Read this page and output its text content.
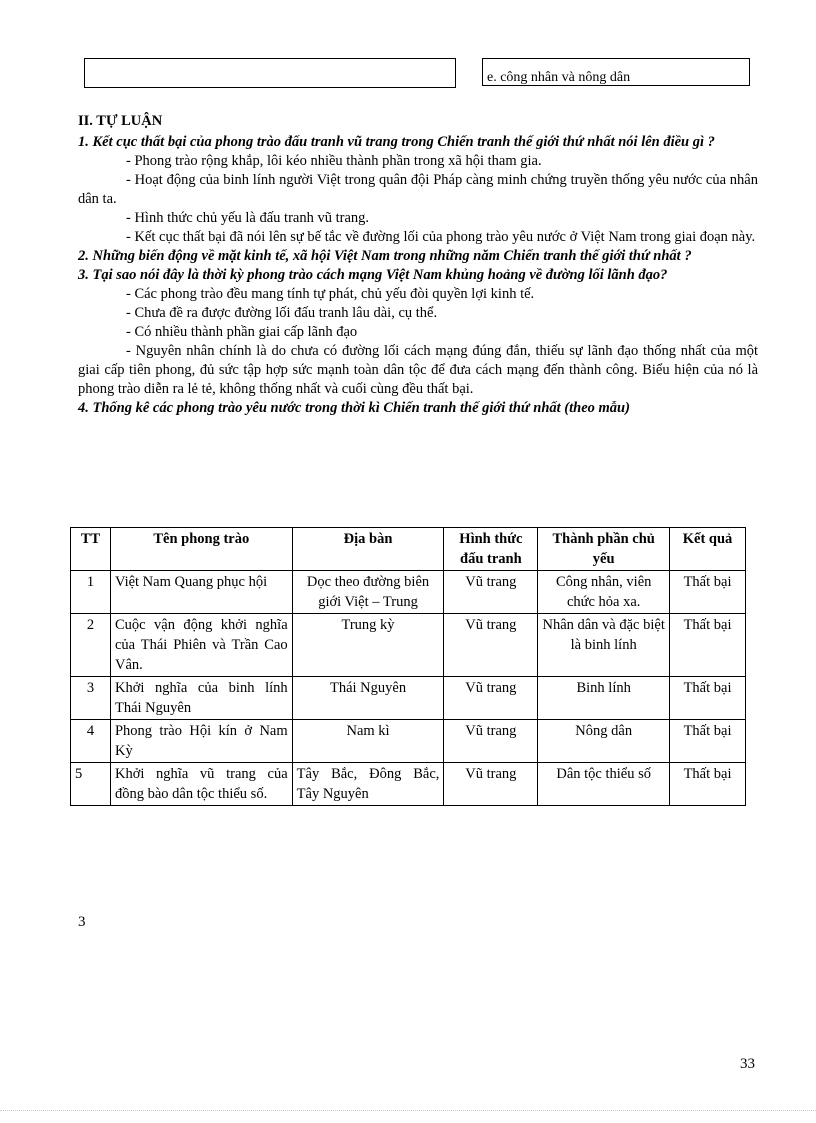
e. công nhân và nông dân
II. TỰ LUẬN

1. Kết cục thất bại của phong trào đấu tranh vũ trang trong Chiến tranh thế giới thứ nhất nói lên điều gì ?

- Phong trào rộng khắp, lôi kéo nhiều thành phần trong xã hội tham gia.

- Hoạt động của binh lính người Việt trong quân đội Pháp càng minh chứng truyền thống yêu nước của nhân dân ta.

- Hình thức chủ yếu là đấu tranh vũ trang.

- Kết cục thất bại đã nói lên sự bế tắc về đường lối của phong trào yêu nước ở Việt Nam trong giai đoạn này.

2. Những biến động về mặt kinh tế, xã hội Việt Nam trong những năm Chiến tranh thế giới thứ nhất ?

3. Tại sao nói đây là thời kỳ phong trào cách mạng Việt Nam khủng hoảng về đường lối lãnh đạo?

- Các phong trào đều mang tính tự phát, chủ yếu đòi quyền lợi kinh tế.

- Chưa đề ra được đường lối đấu tranh lâu dài, cụ thể.

- Có nhiều thành phần giai cấp lãnh đạo

- Nguyên nhân chính là do chưa có đường lối cách mạng đúng đắn, thiếu sự lãnh đạo thống nhất của một giai cấp tiên phong, đủ sức tập hợp sức mạnh toàn dân tộc để đưa cách mạng đến thành công. Biểu hiện của nó là phong trào diễn ra lẻ tẻ, không thống nhất và cuối cùng đều thất bại.

4. Thống kê các phong trào yêu nước trong thời kì Chiến tranh thế giới thứ nhất (theo mẫu)

TT	Tên phong trào	Địa bàn	Hình thức đấu tranh	Thành phần chủ yếu	Kết quả
1	Việt Nam Quang phục hội	Dọc theo đường biên giới Việt – Trung	Vũ trang	Công nhân, viên chức hỏa xa.	Thất bại
2	Cuộc vận động khởi nghĩa của Thái Phiên và Trần Cao Vân.	Trung kỳ	Vũ trang	Nhân dân và đặc biệt là binh lính	Thất bại
3	Khởi nghĩa của binh lính Thái Nguyên	Thái Nguyên	Vũ trang	Binh lính	Thất bại
4	Phong trào Hội kín ở Nam Kỳ	Nam kì	Vũ trang	Nông dân	Thất bại
5	Khởi nghĩa vũ trang của đồng bào dân tộc thiểu số.	Tây Bắc, Đông Bắc, Tây Nguyên	Vũ trang	Dân tộc thiểu số	Thất bại
3
33
